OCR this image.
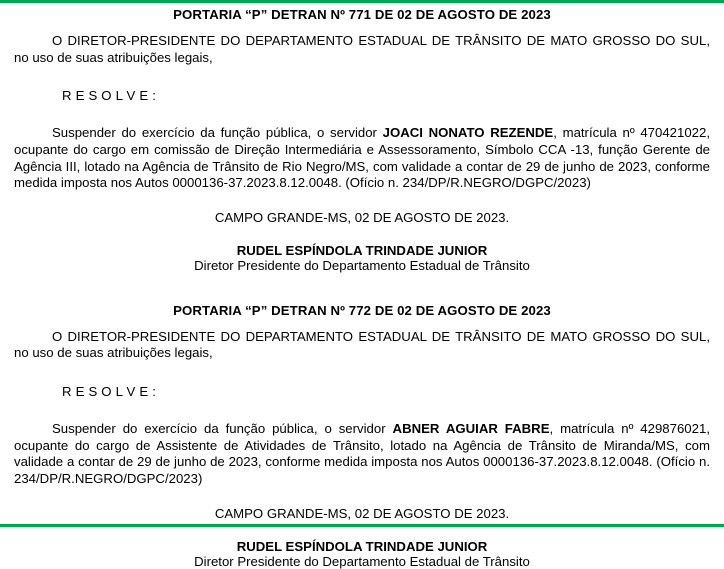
PORTARIA “P” DETRAN Nº 771 DE 02 DE AGOSTO DE 2023

O DIRETOR-PRESIDENTE DO DEPARTAMENTO ESTADUAL DE TRÂNSITO DE MATO GROSSO DO SUL, no uso de suas atribuições legais,

R E S O L V E :

Suspender do exercício da função pública, o servidor JOACI NONATO REZENDE, matrícula nº 470421022, ocupante do cargo em comissão de Direção Intermediária e Assessoramento, Símbolo CCA -13, função Gerente de Agência III, lotado na Agência de Trânsito de Rio Negro/MS, com validade a contar de 29 de junho de 2023, conforme medida imposta nos Autos 0000136-37.2023.8.12.0048. (Ofício n. 234/DP/R.NEGRO/DGPC/2023)

CAMPO GRANDE-MS, 02 DE AGOSTO DE 2023.

RUDEL ESPÍNDOLA TRINDADE JUNIOR

Diretor Presidente do Departamento Estadual de Trânsito

PORTARIA “P” DETRAN Nº 772 DE 02 DE AGOSTO DE 2023

O DIRETOR-PRESIDENTE DO DEPARTAMENTO ESTADUAL DE TRÂNSITO DE MATO GROSSO DO SUL, no uso de suas atribuições legais,

R E S O L V E :

Suspender do exercício da função pública, o servidor ABNER AGUIAR FABRE, matrícula nº 429876021, ocupante do cargo de Assistente de Atividades de Trânsito, lotado na Agência de Trânsito de Miranda/MS, com validade a contar de 29 de junho de 2023, conforme medida imposta nos Autos 0000136-37.2023.8.12.0048. (Ofício n. 234/DP/R.NEGRO/DGPC/2023)

CAMPO GRANDE-MS, 02 DE AGOSTO DE 2023.

RUDEL ESPÍNDOLA TRINDADE JUNIOR

Diretor Presidente do Departamento Estadual de Trânsito
